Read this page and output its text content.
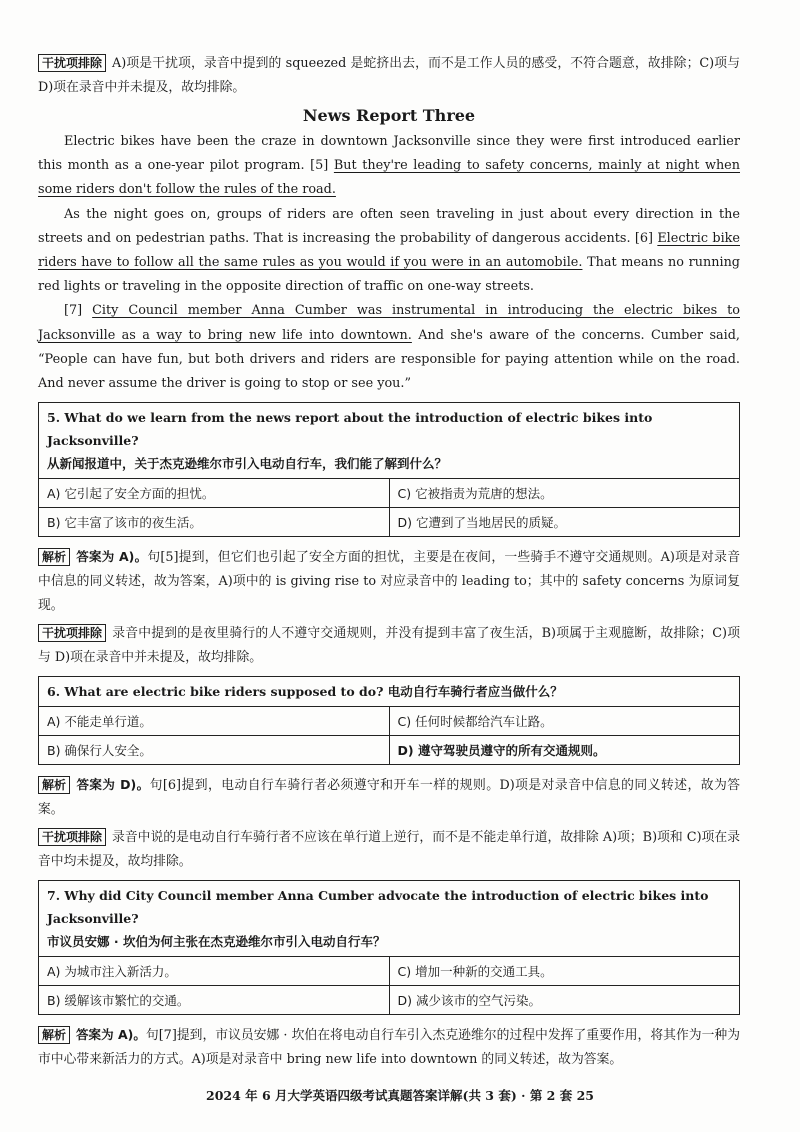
干扰项排除 A)项是干扰项，录音中提到的 squeezed 是蛇挤出去，而不是工作人员的感受，不符合题意，故排除；C)项与 D)项在录音中并未提及，故均排除。

News Report Three

Electric bikes have been the craze in downtown Jacksonville since they were first introduced earlier this month as a one-year pilot program. [5] But they're leading to safety concerns, mainly at night when some riders don't follow the rules of the road.

As the night goes on, groups of riders are often seen traveling in just about every direction in the streets and on pedestrian paths. That is increasing the probability of dangerous accidents. [6] Electric bike riders have to follow all the same rules as you would if you were in an automobile. That means no running red lights or traveling in the opposite direction of traffic on one-way streets.

[7] City Council member Anna Cumber was instrumental in introducing the electric bikes to Jacksonville as a way to bring new life into downtown. And she's aware of the concerns. Cumber said, “People can have fun, but both drivers and riders are responsible for paying attention while on the road. And never assume the driver is going to stop or see you.”

5. What do we learn from the news report about the introduction of electric bikes into Jacksonville?
从新闻报道中，关于杰克逊维尔市引入电动自行车，我们能了解到什么？	

A) 它引起了安全方面的担忧。	C) 它被指责为荒唐的想法。
B) 它丰富了该市的夜生活。	D) 它遭到了当地居民的质疑。

解析 答案为 A)。句[5]提到，但它们也引起了安全方面的担忧，主要是在夜间，一些骑手不遵守交通规则。A)项是对录音中信息的同义转述，故为答案，A)项中的 is giving rise to 对应录音中的 leading to；其中的 safety concerns 为原词复现。

干扰项排除 录音中提到的是夜里骑行的人不遵守交通规则，并没有提到丰富了夜生活，B)项属于主观臆断，故排除；C)项与 D)项在录音中并未提及，故均排除。

6. What are electric bike riders supposed to do? 电动自行车骑行者应当做什么？	
A) 不能走单行道。	C) 任何时候都给汽车让路。
B) 确保行人安全。	D) 遵守驾驶员遵守的所有交通规则。

解析 答案为 D)。句[6]提到，电动自行车骑行者必须遵守和开车一样的规则。D)项是对录音中信息的同义转述，故为答案。

干扰项排除 录音中说的是电动自行车骑行者不应该在单行道上逆行，而不是不能走单行道，故排除 A)项；B)项和 C)项在录音中均未提及，故均排除。

7. Why did City Council member Anna Cumber advocate the introduction of electric bikes into Jacksonville?
市议员安娜 · 坎伯为何主张在杰克逊维尔市引入电动自行车？	

A) 为城市注入新活力。	C) 增加一种新的交通工具。
B) 缓解该市繁忙的交通。	D) 减少该市的空气污染。

解析 答案为 A)。句[7]提到，市议员安娜 · 坎伯在将电动自行车引入杰克逊维尔的过程中发挥了重要作用，将其作为一种为市中心带来新活力的方式。A)项是对录音中 bring new life into downtown 的同义转述，故为答案。

2024 年 6 月大学英语四级考试真题答案详解(共 3 套) · 第 2 套 25
